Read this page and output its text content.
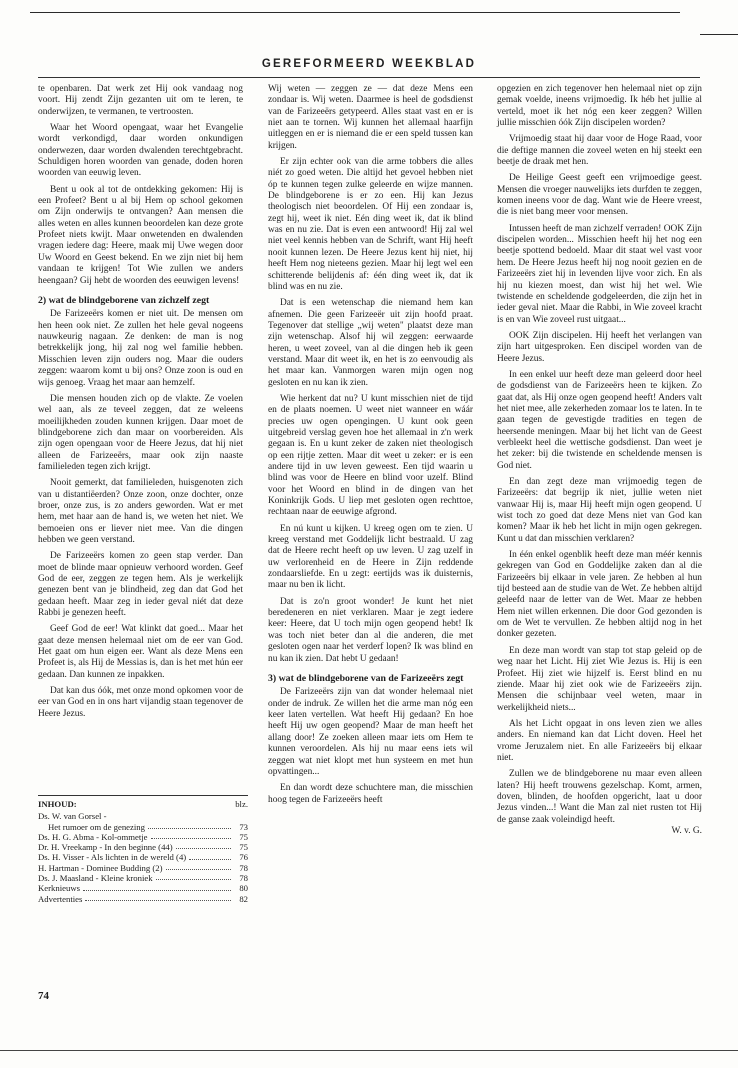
GEREFORMEERD WEEKBLAD

te openbaren. Dat werk zet Hij ook vandaag nog voort. Hij zendt Zijn gezanten uit om te leren, te onderwijzen, te vermanen, te vertroosten.

Waar het Woord opengaat, waar het Evangelie wordt verkondigd, daar worden onkundigen onderwezen, daar worden dwalenden terechtgebracht. Schuldigen horen woorden van genade, doden horen woorden van eeuwig leven.

Bent u ook al tot de ontdekking gekomen: Hij is een Profeet? Bent u al bij Hem op school gekomen om Zijn onderwijs te ontvangen? Aan mensen die alles weten en alles kunnen beoordelen kan deze grote Profeet niets kwijt. Maar onwetenden en dwalenden vragen iedere dag: Heere, maak mij Uwe wegen door Uw Woord en Geest bekend. En we zijn niet bij hem vandaan te krijgen! Tot Wie zullen we anders heengaan? Gij hebt de woorden des eeuwigen levens!

2) wat de blindgeborene van zichzelf zegt

De Farizeeërs komen er niet uit. De mensen om hen heen ook niet. Ze zullen het hele geval nogeens nauwkeurig nagaan. Ze denken: de man is nog betrekkelijk jong, hij zal nog wel familie hebben. Misschien leven zijn ouders nog. Maar die ouders zeggen: waarom komt u bij ons? Onze zoon is oud en wijs genoeg. Vraag het maar aan hemzelf.

Die mensen houden zich op de vlakte. Ze voelen wel aan, als ze teveel zeggen, dat ze weleens moeilijkheden zouden kunnen krijgen. Daar moet de blindgeborene zich dan maar on voorbereiden. Als zijn ogen opengaan voor de Heere Jezus, dat hij niet alleen de Farizeeërs, maar ook zijn naaste familieleden tegen zich krijgt.

Nooit gemerkt, dat familieleden, huisgenoten zich van u distantiëerden? Onze zoon, onze dochter, onze broer, onze zus, is zo anders geworden. Wat er met hem, met haar aan de hand is, we weten het niet. We bemoeien ons er liever niet mee. Van die dingen hebben we geen verstand.

De Farizeeërs komen zo geen stap verder. Dan moet de blinde maar opnieuw verhoord worden. Geef God de eer, zeggen ze tegen hem. Als je werkelijk genezen bent van je blindheid, zeg dan dat God het gedaan heeft. Maar zeg in ieder geval niét dat deze Rabbi je genezen heeft.

Geef God de eer! Wat klinkt dat goed... Maar het gaat deze mensen helemaal niet om de eer van God. Het gaat om hun eigen eer. Want als deze Mens een Profeet is, als Hij de Messias is, dan is het met hún eer gedaan. Dan kunnen ze inpakken.

Dat kan dus óók, met onze mond opkomen voor de eer van God en in ons hart vijandig staan tegenover de Heere Jezus.

INHOUD:	blz.
Ds. W. van Gorsel -
Het rumoer om de genezing	73
Ds. H. G. Abma - Kol-ommetje	75
Dr. H. Vreekamp - In den beginne (44)	75
Ds. H. Visser - Als lichten in de wereld (4)	76
H. Hartman - Dominee Budding (2)	78
Ds. J. Maasland - Kleine kroniek	78
Kerknieuws	80
Advertenties	82
74

Wij weten — zeggen ze — dat deze Mens een zondaar is. Wij weten. Daarmee is heel de godsdienst van de Farizeeërs getypeerd. Alles staat vast en er is niet aan te tornen. Wij kunnen het allemaal haarfijn uitleggen en er is niemand die er een speld tussen kan krijgen.

Er zijn echter ook van die arme tobbers die alles niét zo goed weten. Die altijd het gevoel hebben niet óp te kunnen tegen zulke geleerde en wijze mannen. De blindgeborene is er zo een. Hij kan Jezus theologisch niet beoordelen. Of Hij een zondaar is, zegt hij, weet ik niet. Eén ding weet ik, dat ik blind was en nu zie. Dat is even een antwoord! Hij zal wel niet veel kennis hebben van de Schrift, want Hij heeft nooit kunnen lezen. De Heere Jezus kent hij niet, hij heeft Hem nog nieteens gezien. Maar hij legt wel een schitterende belijdenis af: één ding weet ik, dat ik blind was en nu zie.

Dat is een wetenschap die niemand hem kan afnemen. Die geen Farizeeër uit zijn hoofd praat. Tegenover dat stellige „wij weten" plaatst deze man zijn wetenschap. Alsof hij wil zeggen: eerwaarde heren, u weet zoveel, van al die dingen heb ik geen verstand. Maar dit weet ik, en het is zo eenvoudig als het maar kan. Vanmorgen waren mijn ogen nog gesloten en nu kan ik zien.

Wie herkent dat nu? U kunt misschien niet de tijd en de plaats noemen. U weet niet wanneer en wáár precies uw ogen opengingen. U kunt ook geen uitgebreid verslag geven hoe het allemaal in z'n werk gegaan is. En u kunt zeker de zaken niet theologisch op een rijtje zetten. Maar dit weet u zeker: er is een andere tijd in uw leven geweest. Een tijd waarin u blind was voor de Heere en blind voor uzelf. Blind voor het Woord en blind in de dingen van het Koninkrijk Gods. U liep met gesloten ogen rechttoe, rechtaan naar de eeuwige afgrond.

En nú kunt u kijken. U kreeg ogen om te zien. U kreeg verstand met Goddelijk licht bestraald. U zag dat de Heere recht heeft op uw leven. U zag uzelf in uw verlorenheid en de Heere in Zijn reddende zondaarsliefde. En u zegt: eertijds was ik duisternis, maar nu ben ik licht.

Dat is zo'n groot wonder! Je kunt het niet beredeneren en niet verklaren. Maar je zegt iedere keer: Heere, dat U toch mijn ogen geopend hebt! Ik was toch niet beter dan al die anderen, die met gesloten ogen naar het verderf lopen? Ik was blind en nu kan ik zien. Dat hebt U gedaan!

3) wat de blindgeborene van de Farizeeërs zegt

De Farizeeërs zijn van dat wonder helemaal niet onder de indruk. Ze willen het die arme man nóg een keer laten vertellen. Wat heeft Hij gedaan? En hoe heeft Hij uw ogen geopend? Maar de man heeft het allang door! Ze zoeken alleen maar iets om Hem te kunnen veroordelen. Als hij nu maar eens iets wil zeggen wat niet klopt met hun systeem en met hun opvattingen...

En dan wordt deze schuchtere man, die misschien hoog tegen de Farizeeërs heeft

opgezien en zich tegenover hen helemaal niet op zijn gemak voelde, ineens vrijmoedig. Ik héb het jullie al verteld, moet ik het nóg een keer zeggen? Willen jullie misschien óók Zijn discipelen worden?

Vrijmoedig staat hij daar voor de Hoge Raad, voor die deftige mannen die zoveel weten en hij steekt een beetje de draak met hen.

De Heilige Geest geeft een vrijmoedige geest. Mensen die vroeger nauwelijks iets durfden te zeggen, komen ineens voor de dag. Want wie de Heere vreest, die is niet bang meer voor mensen.

Intussen heeft de man zichzelf verraden! OOK Zijn discipelen worden... Misschien heeft hij het nog een beetje spottend bedoeld. Maar dit staat wel vast voor hem. De Heere Jezus heeft hij nog nooit gezien en de Farizeeërs ziet hij in levenden lijve voor zich. En als hij nu kiezen moest, dan wist hij het wel. Wie twistende en scheldende godgeleerden, die zijn het in ieder geval niet. Maar die Rabbi, in Wie zoveel kracht is en van Wie zoveel rust uitgaat...

OOK Zijn discipelen. Hij heeft het verlangen van zijn hart uitgesproken. Een discipel worden van de Heere Jezus.

In een enkel uur heeft deze man geleerd door heel de godsdienst van de Farizeeërs heen te kijken. Zo gaat dat, als Hij onze ogen geopend heeft! Anders valt het niet mee, alle zekerheden zomaar los te laten. In te gaan tegen de gevestigde tradities en tegen de heersende meningen. Maar bij het licht van de Geest verbleekt heel die wettische godsdienst. Dan weet je het zeker: bij die twistende en scheldende mensen is God niet.

En dan zegt deze man vrijmoedig tegen de Farizeeërs: dat begrijp ik niet, jullie weten niet vanwaar Hij is, maar Hij heeft mijn ogen geopend. U wist toch zo goed dat deze Mens niet van God kan komen? Maar ik heb het licht in mijn ogen gekregen. Kunt u dat dan misschien verklaren?

In één enkel ogenblik heeft deze man méér kennis gekregen van God en Goddelijke zaken dan al die Farizeeërs bij elkaar in vele jaren. Ze hebben al hun tijd besteed aan de studie van de Wet. Ze hebben altijd geleefd naar de letter van de Wet. Maar ze hebben Hem niet willen erkennen. Die door God gezonden is om de Wet te vervullen. Ze hebben altijd nog in het donker gezeten.

En deze man wordt van stap tot stap geleid op de weg naar het Licht. Hij ziet Wie Jezus is. Hij is een Profeet. Hij ziet wie hijzelf is. Eerst blind en nu ziende. Maar hij ziet ook wie de Farizeeërs zijn. Mensen die schijnbaar veel weten, maar in werkelijkheid niets...

Als het Licht opgaat in ons leven zien we alles anders. En niemand kan dat Licht doven. Heel het vrome Jeruzalem niet. En alle Farizeeërs bij elkaar niet.

Zullen we de blindgeborene nu maar even alleen laten? Hij heeft trouwens gezelschap. Komt, armen, doven, blinden, de hoofden opgericht, laat u door Jezus vinden...! Want die Man zal niet rusten tot Hij de ganse zaak voleindigd heeft.

W. v. G.
